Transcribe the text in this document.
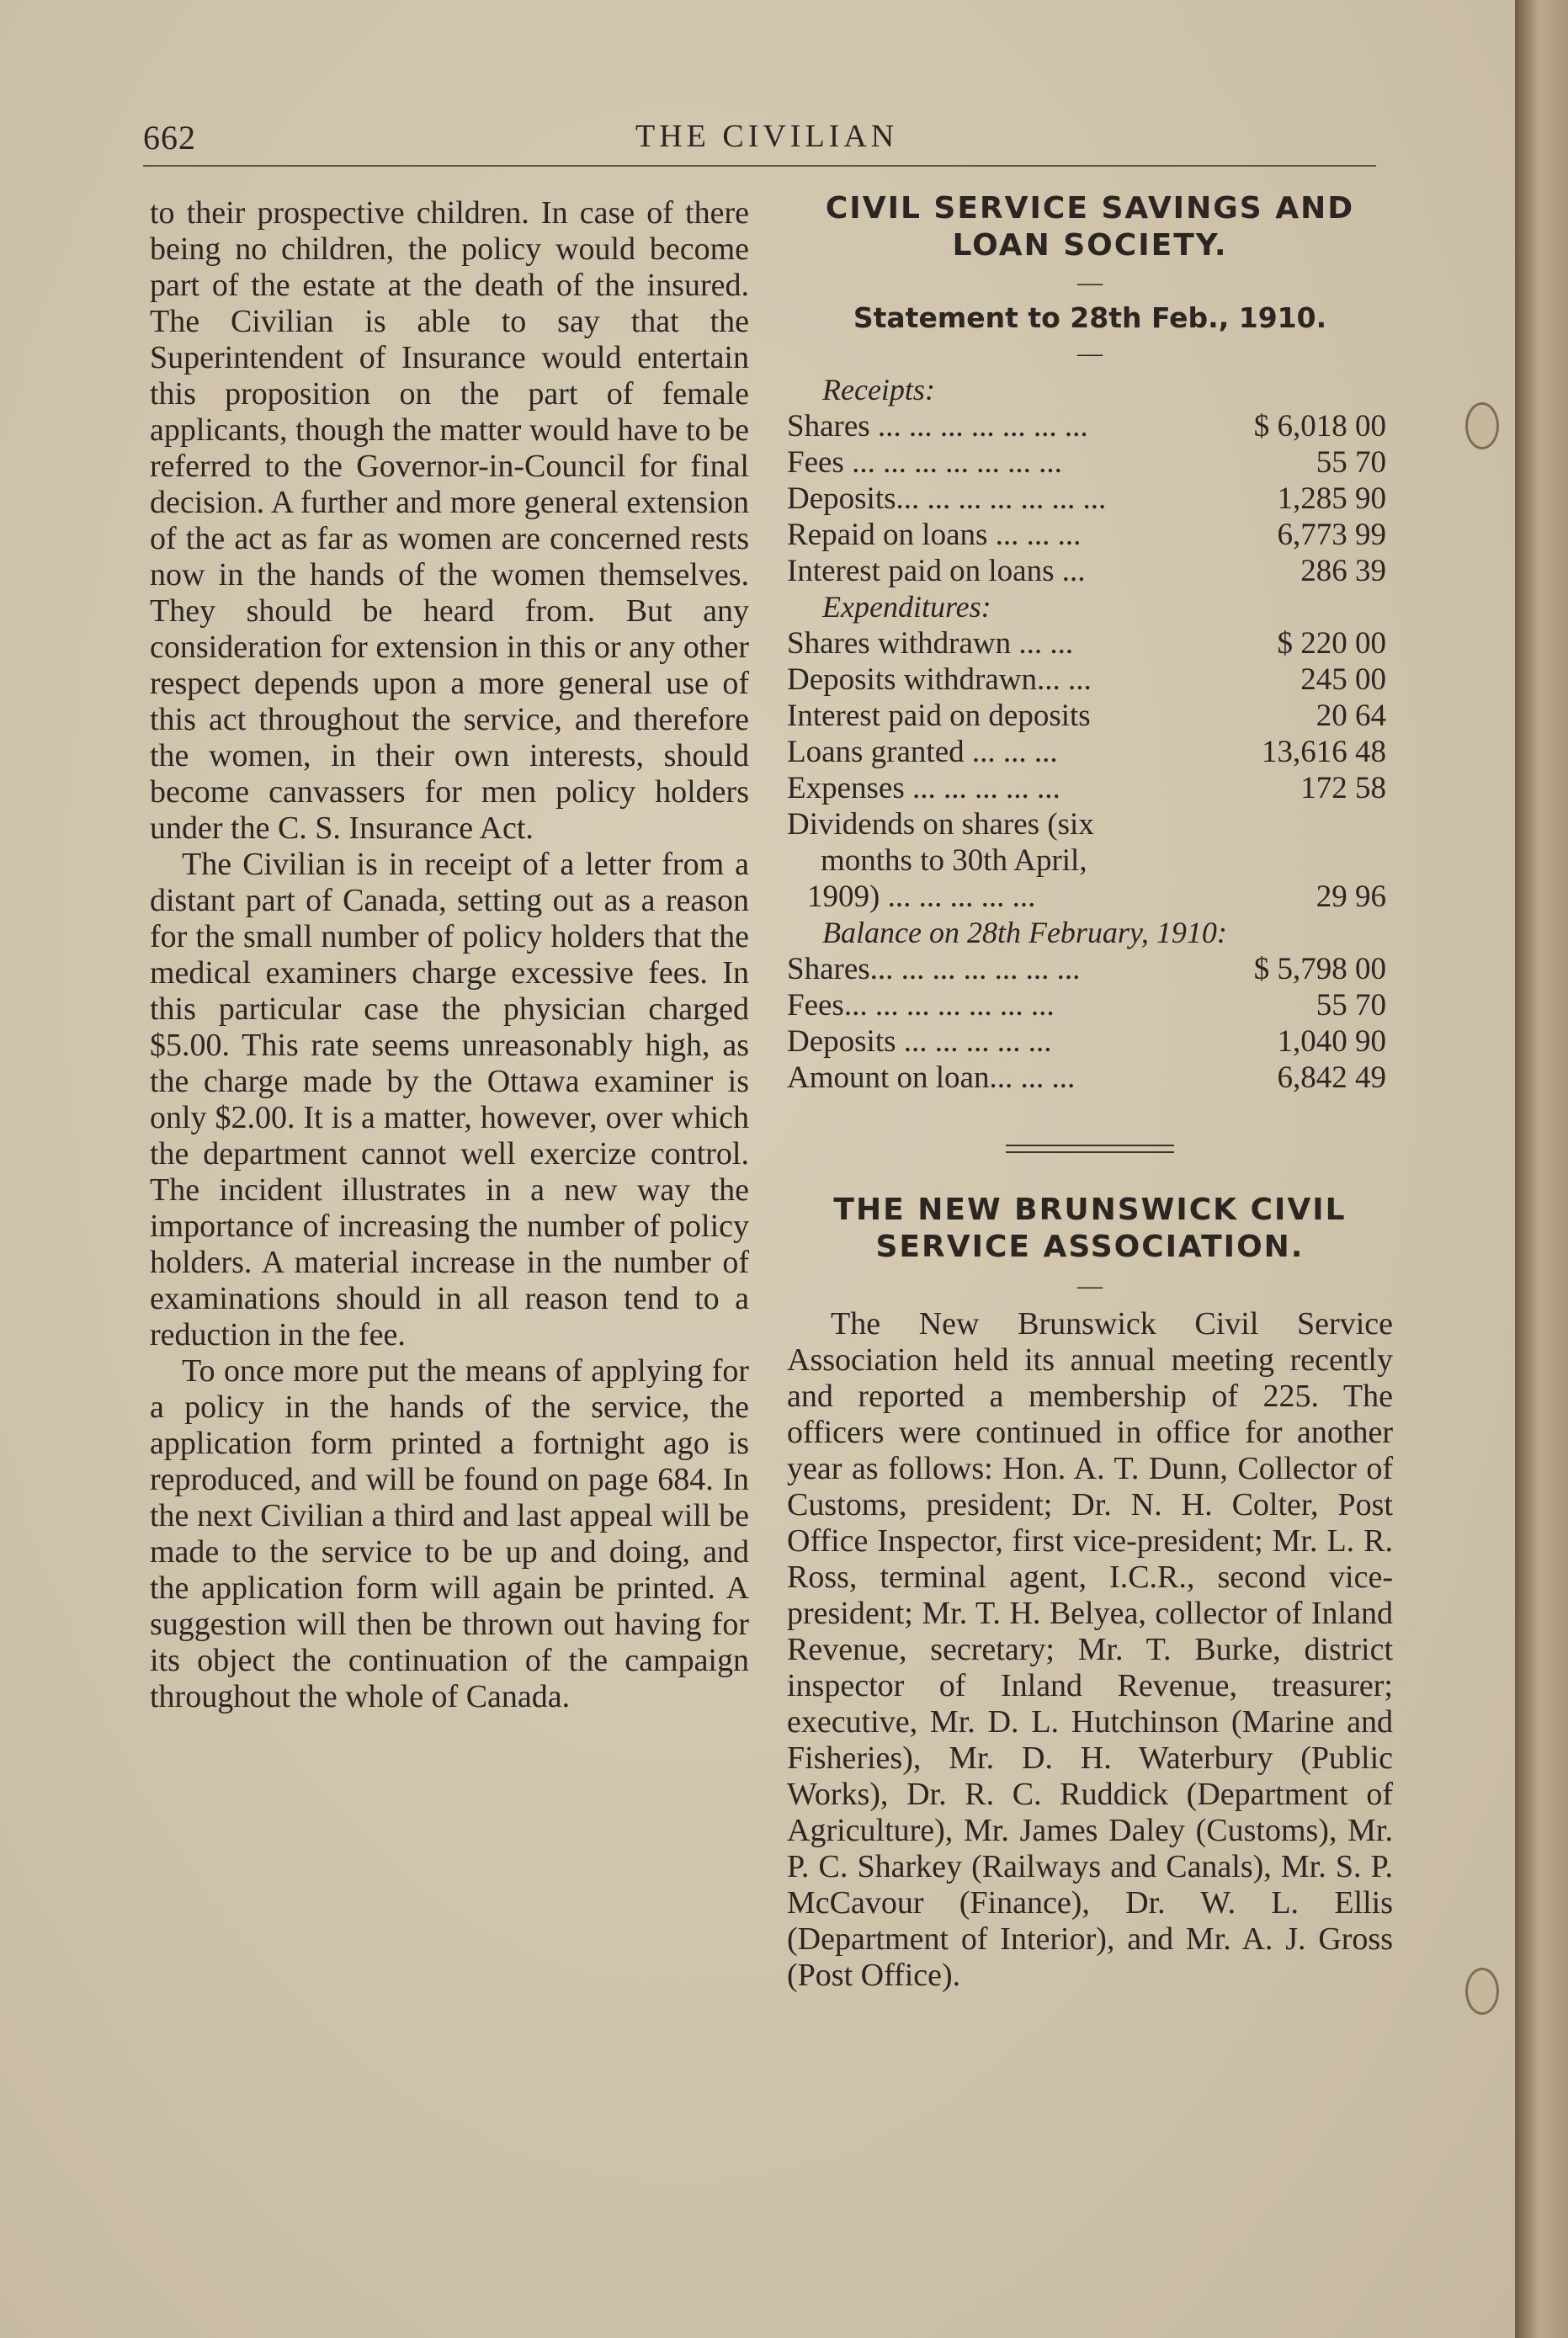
662	THE CIVILIAN

to their prospective children. In case of there being no children, the policy would become part of the estate at the death of the insured. The Civilian is able to say that the Superintendent of Insurance would entertain this proposition on the part of female applicants, though the matter would have to be referred to the Governor-in-Council for final decision. A further and more general extension of the act as far as women are concerned rests now in the hands of the women themselves. They should be heard from. But any consideration for extension in this or any other respect depends upon a more general use of this act throughout the service, and therefore the women, in their own interests, should become canvassers for men policy holders under the C. S. Insurance Act.

The Civilian is in receipt of a letter from a distant part of Canada, setting out as a reason for the small number of policy holders that the medical examiners charge excessive fees. In this particular case the physician charged $5.00. This rate seems unreasonably high, as the charge made by the Ottawa examiner is only $2.00. It is a matter, however, over which the department cannot well exercize control. The incident illustrates in a new way the importance of increasing the number of policy holders. A material increase in the number of examinations should in all reason tend to a reduction in the fee.

To once more put the means of applying for a policy in the hands of the service, the application form printed a fortnight ago is reproduced, and will be found on page 684. In the next Civilian a third and last appeal will be made to the service to be up and doing, and the application form will again be printed. A suggestion will then be thrown out having for its object the continuation of the campaign throughout the whole of Canada.

CIVIL SERVICE SAVINGS AND
LOAN SOCIETY.

—

Statement to 28th Feb., 1910.

—

Receipts:

Shares ... ... ... ... ... ... ...	$ 6,018 00
Fees ... ... ... ... ... ... ...	55 70
Deposits... ... ... ... ... ... ...	1,285 90
Repaid on loans ... ... ...	6,773 99
Interest paid on loans ...	286 39

Expenditures:

Shares withdrawn ... ...	$ 220 00
Deposits withdrawn... ...	245 00
Interest paid on deposits	20 64
Loans granted ... ... ...	13,616 48
Expenses ... ... ... ... ...	172 58
Dividends on shares (six
months to 30th April,
1909) ... ... ... ... ...	29 96

Balance on 28th February, 1910:

Shares... ... ... ... ... ... ...	$ 5,798 00
Fees... ... ... ... ... ... ...	55 70
Deposits ... ... ... ... ...	1,040 90
Amount on loan... ... ...	6,842 49
THE NEW BRUNSWICK CIVIL
SERVICE ASSOCIATION.

—

The New Brunswick Civil Service Association held its annual meeting recently and reported a membership of 225. The officers were continued in office for another year as follows: Hon. A. T. Dunn, Collector of Customs, president; Dr. N. H. Colter, Post Office Inspector, first vice-president; Mr. L. R. Ross, terminal agent, I.C.R., second vice-president; Mr. T. H. Belyea, collector of Inland Revenue, secretary; Mr. T. Burke, district inspector of Inland Revenue, treasurer; executive, Mr. D. L. Hutchinson (Marine and Fisheries), Mr. D. H. Waterbury (Public Works), Dr. R. C. Ruddick (Department of Agriculture), Mr. James Daley (Customs), Mr. P. C. Sharkey (Railways and Canals), Mr. S. P. McCavour (Finance), Dr. W. L. Ellis (Department of Interior), and Mr. A. J. Gross (Post Office).
